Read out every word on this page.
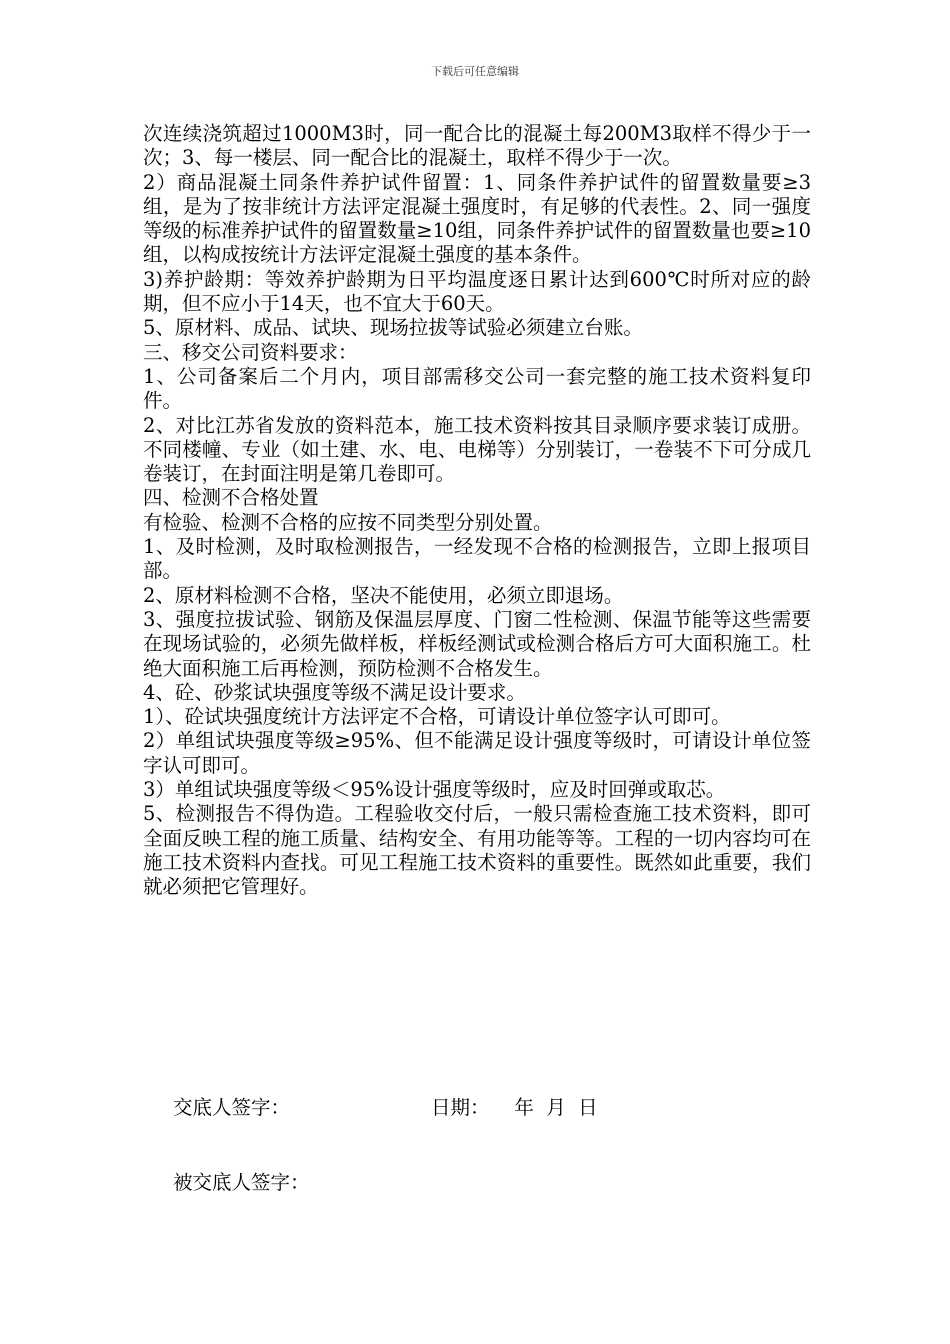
下载后可任意编辑

次连续浇筑超过1000M3时，同一配合比的混凝土每200M3取样不得少于一次；3、每一楼层、同一配合比的混凝土，取样不得少于一次。

2）商品混凝土同条件养护试件留置：1、同条件养护试件的留置数量要≥3组，是为了按非统计方法评定混凝土强度时，有足够的代表性。2、同一强度等级的标准养护试件的留置数量≥10组，同条件养护试件的留置数量也要≥10组，以构成按统计方法评定混凝土强度的基本条件。

3)养护龄期：等效养护龄期为日平均温度逐日累计达到600℃时所对应的龄期，但不应小于14天，也不宜大于60天。

5、原材料、成品、试块、现场拉拔等试验必须建立台账。

三、移交公司资料要求：

1、公司备案后二个月内，项目部需移交公司一套完整的施工技术资料复印件。

2、对比江苏省发放的资料范本，施工技术资料按其目录顺序要求装订成册。不同楼幢、专业（如土建、水、电、电梯等）分别装订，一卷装不下可分成几卷装订，在封面注明是第几卷即可。

四、检测不合格处置

有检验、检测不合格的应按不同类型分别处置。

1、及时检测，及时取检测报告，一经发现不合格的检测报告，立即上报项目部。

2、原材料检测不合格，坚决不能使用，必须立即退场。

3、强度拉拔试验、钢筋及保温层厚度、门窗二性检测、保温节能等这些需要在现场试验的，必须先做样板，样板经测试或检测合格后方可大面积施工。杜绝大面积施工后再检测，预防检测不合格发生。

4、砼、砂浆试块强度等级不满足设计要求。

1）、砼试块强度统计方法评定不合格，可请设计单位签字认可即可。

2）单组试块强度等级≥95%、但不能满足设计强度等级时，可请设计单位签字认可即可。

3）单组试块强度等级＜95%设计强度等级时，应及时回弹或取芯。

5、检测报告不得伪造。工程验收交付后，一般只需检查施工技术资料，即可全面反映工程的施工质量、结构安全、有用功能等等。工程的一切内容均可在施工技术资料内查找。可见工程施工技术资料的重要性。既然如此重要，我们就必须把它管理好。

交底人签字：	日期： 年  月  日
被交底人签字：
